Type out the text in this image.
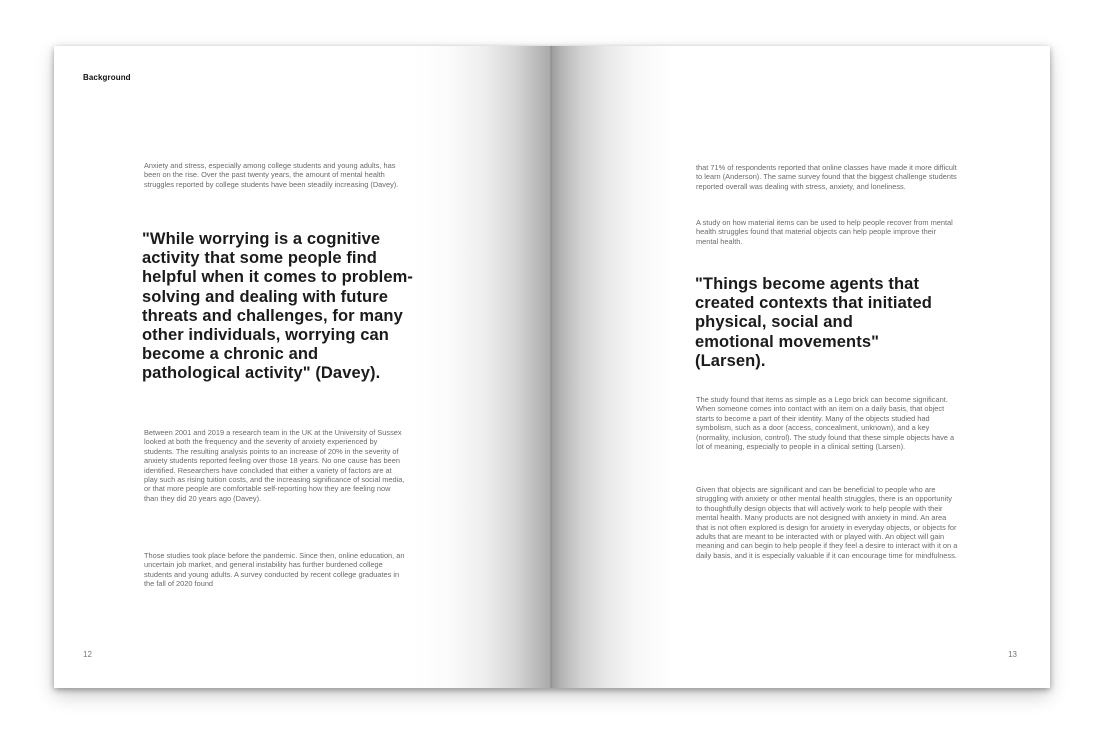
Background

Anxiety and stress, especially among college students and young adults, has been on the rise. Over the past twenty years, the amount of mental health struggles reported by college students have been steadily increasing (Davey).

"While worrying is a cognitive activity that some people find helpful when it comes to problem-solving and dealing with future threats and challenges, for many other individuals, worrying can become a chronic and pathological activity" (Davey).

Between 2001 and 2019 a research team in the UK at the University of Sussex looked at both the frequency and the severity of anxiety experienced by students. The resulting analysis points to an increase of 20% in the severity of anxiety students reported feeling over those 18 years. No one cause has been identified. Researchers have concluded that either a variety of factors are at play such as rising tuition costs, and the increasing significance of social media, or that more people are comfortable self-reporting how they are feeling now than they did 20 years ago (Davey).

Those studies took place before the pandemic. Since then, online education, an uncertain job market, and general instability has further burdened college students and young adults. A survey conducted by recent college graduates in the fall of 2020 found

12

that 71% of respondents reported that online classes have made it more difficult to learn (Anderson). The same survey found that the biggest challenge students reported overall was dealing with stress, anxiety, and loneliness.

A study on how material items can be used to help people recover from mental health struggles found that material objects can help people improve their mental health.

"Things become agents that created contexts that initiated physical, social and emotional movements" (Larsen).

The study found that items as simple as a Lego brick can become significant. When someone comes into contact with an item on a daily basis, that object starts to become a part of their identity. Many of the objects studied had symbolism, such as a door (access, concealment, unknown), and a key (normality, inclusion, control). The study found that these simple objects have a lot of meaning, especially to people in a clinical setting (Larsen).

Given that objects are significant and can be beneficial to people who are struggling with anxiety or other mental health struggles, there is an opportunity to thoughtfully design objects that will actively work to help people with their mental health. Many products are not designed with anxiety in mind. An area that is not often explored is design for anxiety in everyday objects, or objects for adults that are meant to be interacted with or played with. An object will gain meaning and can begin to help people if they feel a desire to interact with it on a daily basis, and it is especially valuable if it can encourage time for mindfulness.

13
